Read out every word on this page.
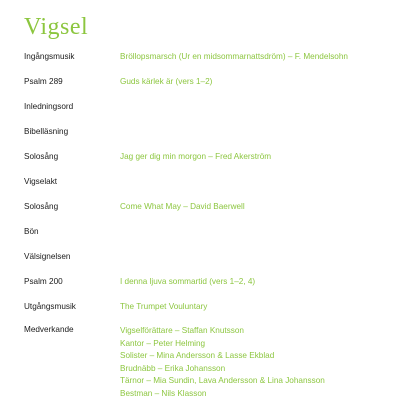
Vigsel
Ingångsmusik	Bröllopsmarsch (Ur en midsommarnattsdröm) – F. Mendelsohn
Psalm 289	Guds kärlek är (vers 1–2)
Inledningsord
Bibelläsning
Solosång	Jag ger dig min morgon – Fred Akerström
Vigselakt
Solosång	Come What May – David Baerwell
Bön
Välsignelsen
Psalm 200	I denna ljuva sommartid (vers 1–2, 4)
Utgångsmusik	The Trumpet Vouluntary
Medverkande	Vigselförättare – Staffan Knutsson
Kantor – Peter Helming
Solister – Mina Andersson & Lasse Ekblad
Brudnäbb – Erika Johansson
Tärnor – Mia Sundin, Lava Andersson & Lina Johansson
Bestman – Nils Klasson
